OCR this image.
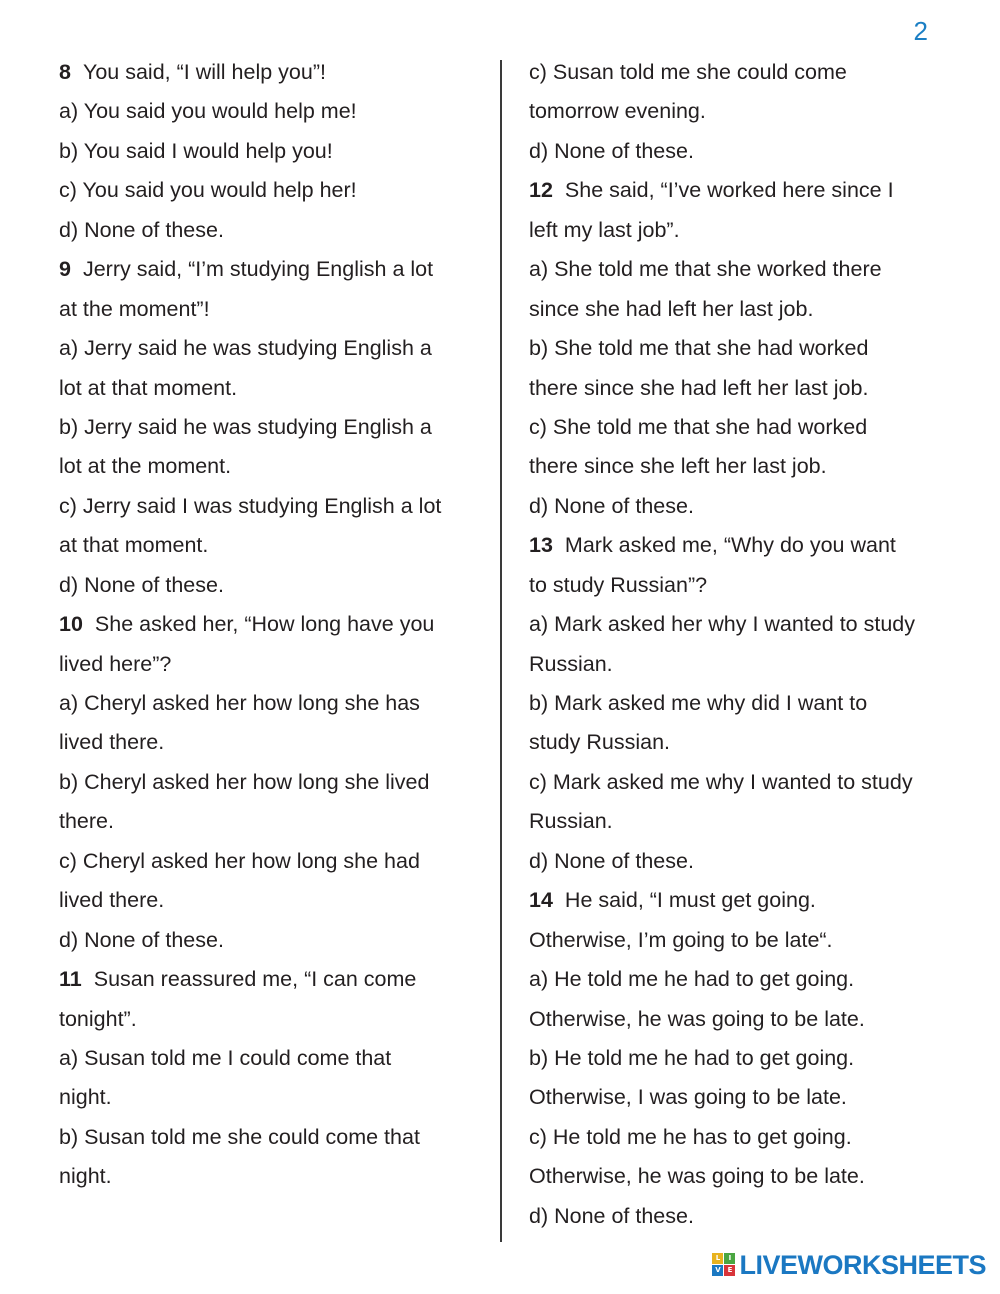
2
8 You said, “I will help you”!
a) You said you would help me!
b) You said I would help you!
c) You said you would help her!
d) None of these.
9 Jerry said, “I’m studying English a lot
at the moment”!
a) Jerry said he was studying English a
lot at that moment.
b) Jerry said he was studying English a
lot at the moment.
c) Jerry said I was studying English a lot
at that moment.
d) None of these.
10 She asked her, “How long have you
lived here”?
a) Cheryl asked her how long she has
lived there.
b) Cheryl asked her how long she lived
there.
c) Cheryl asked her how long she had
lived there.
d) None of these.
11 Susan reassured me, “I can come
tonight”.
a) Susan told me I could come that
night.
b) Susan told me she could come that
night.
c) Susan told me she could come
tomorrow evening.
d) None of these.
12 She said, “I’ve worked here since I
left my last job”.
a) She told me that she worked there
since she had left her last job.
b) She told me that she had worked
there since she had left her last job.
c) She told me that she had worked
there since she left her last job.
d) None of these.
13 Mark asked me, “Why do you want
to study Russian”?
a) Mark asked her why I wanted to study
Russian.
b) Mark asked me why did I want to
study Russian.
c) Mark asked me why I wanted to study
Russian.
d) None of these.
14 He said, “I must get going.
Otherwise, I’m going to be late“.
a) He told me he had to get going.
Otherwise, he was going to be late.
b) He told me he had to get going.
Otherwise, I was going to be late.
c) He told me he has to get going.
Otherwise, he was going to be late.
d) None of these.
L	I
V E LIVEWORKSHEETS
